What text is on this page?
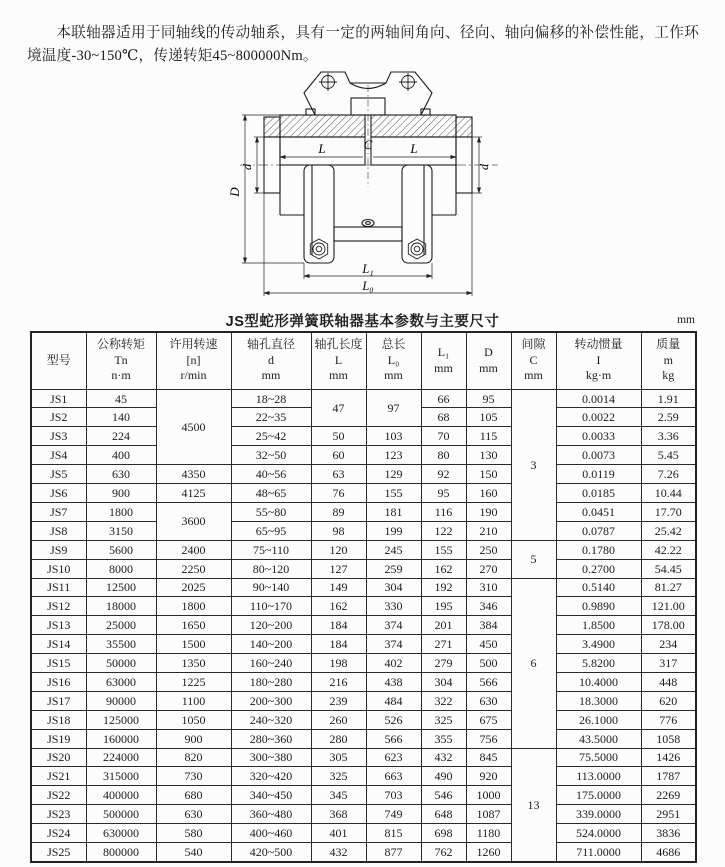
本联轴器适用于同轴线的传动轴系，具有一定的两轴间角向、径向、轴向偏移的补偿性能，工作环境温度-30~150℃，传递转矩45~800000Nm。

D
d	d
L	C	L
L₁
L₀
JS型蛇形弹簧联轴器基本参数与主要尺寸	mm
型号

公称转矩
Tn
n·m

许用转速
[n]
r/min

轴孔直径
d
mm

轴孔长度
L
mm

总长
L₀
mm

L₁
mm

D
mm

间隙
C
mm

转动惯量
I
kg·m

质量
m
kg

JS1	45	4500	18~28	47	97	66	95	3	0.0014	1.91
JS2	140		22~35			68	105		0.0022	2.59
JS3	224		25~42	50	103	70	115		0.0033	3.36
JS4	400		32~50	60	123	80	130		0.0073	5.45
JS5	630	4350	40~56	63	129	92	150		0.0119	7.26
JS6	900	4125	48~65	76	155	95	160		0.0185	10.44
JS7	1800	3600	55~80	89	181	116	190		0.0451	17.70
JS8	3150		65~95	98	199	122	210		0.0787	25.42
JS9	5600	2400	75~110	120	245	155	250	5	0.1780	42.22
JS10	8000	2250	80~120	127	259	162	270		0.2700	54.45
JS11	12500	2025	90~140	149	304	192	310	6	0.5140	81.27
JS12	18000	1800	110~170	162	330	195	346		0.9890	121.00
JS13	25000	1650	120~200	184	374	201	384		1.8500	178.00
JS14	35500	1500	140~200	184	374	271	450		3.4900	234
JS15	50000	1350	160~240	198	402	279	500		5.8200	317
JS16	63000	1225	180~280	216	438	304	566		10.4000	448
JS17	90000	1100	200~300	239	484	322	630		18.3000	620
JS18	125000	1050	240~320	260	526	325	675		26.1000	776
JS19	160000	900	280~360	280	566	355	756		43.5000	1058
JS20	224000	820	300~380	305	623	432	845	13	75.5000	1426
JS21	315000	730	320~420	325	663	490	920		113.0000	1787
JS22	400000	680	340~450	345	703	546	1000		175.0000	2269
JS23	500000	630	360~480	368	749	648	1087		339.0000	2951
JS24	630000	580	400~460	401	815	698	1180		524.0000	3836
JS25	800000	540	420~500	432	877	762	1260		711.0000	4686
